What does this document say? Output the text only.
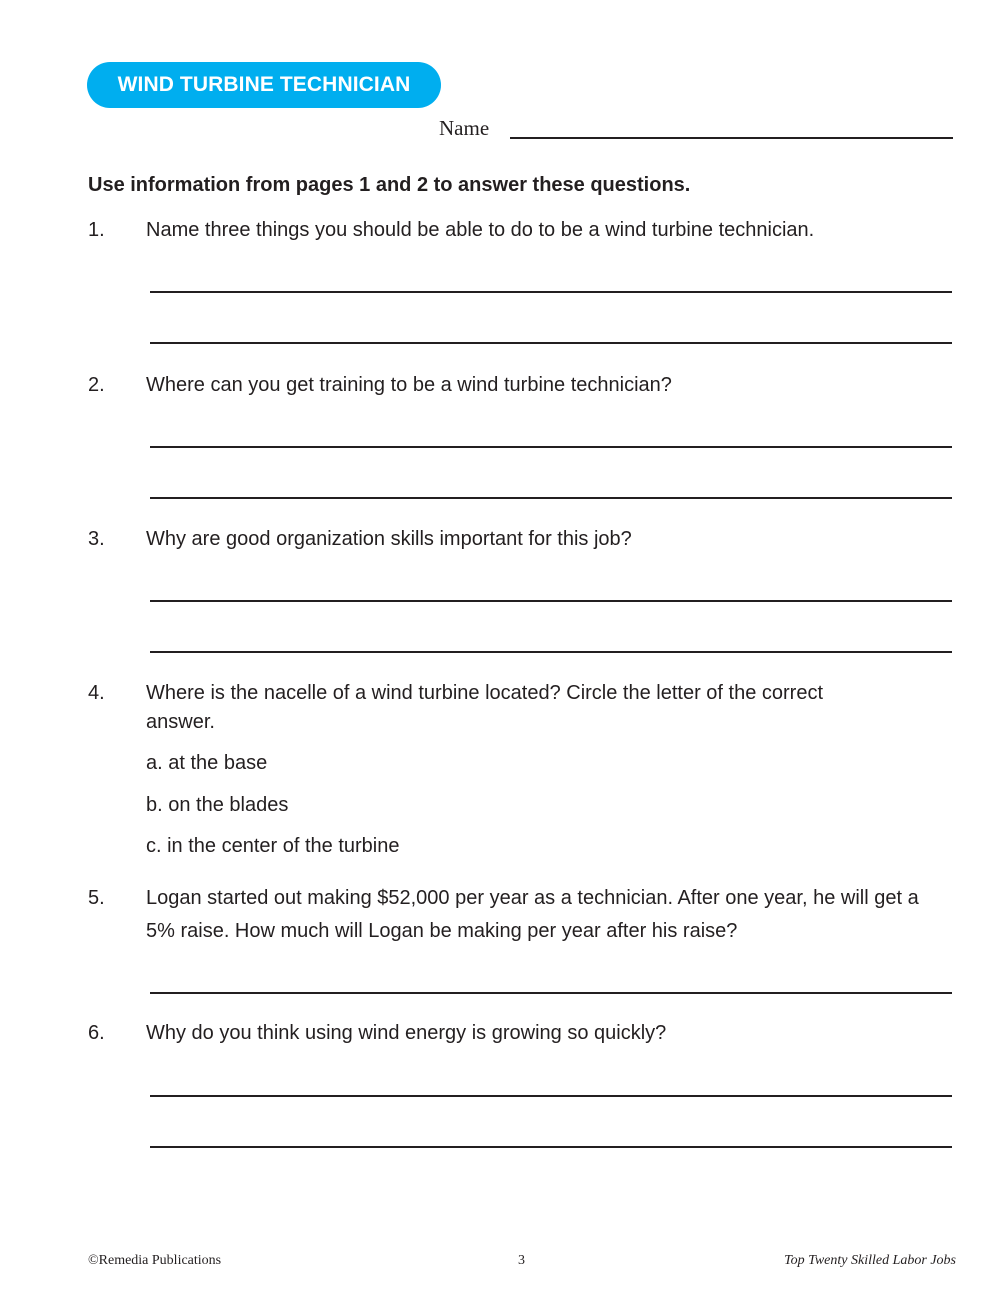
WIND TURBINE TECHNICIAN
Name
Use information from pages 1 and 2 to answer these questions.
1.	Name three things you should be able to do to be a wind turbine technician.
2.	Where can you get training to be a wind turbine technician?
3.	Why are good organization skills important for this job?
4.	Where is the nacelle of a wind turbine located? Circle the letter of the correct answer.
a. at the base
b. on the blades
c. in the center of the turbine
5.	Logan started out making $52,000 per year as a technician. After one year, he will get a 5% raise. How much will Logan be making per year after his raise?
6.	Why do you think using wind energy is growing so quickly?
©Remedia Publications	3	Top Twenty Skilled Labor Jobs
